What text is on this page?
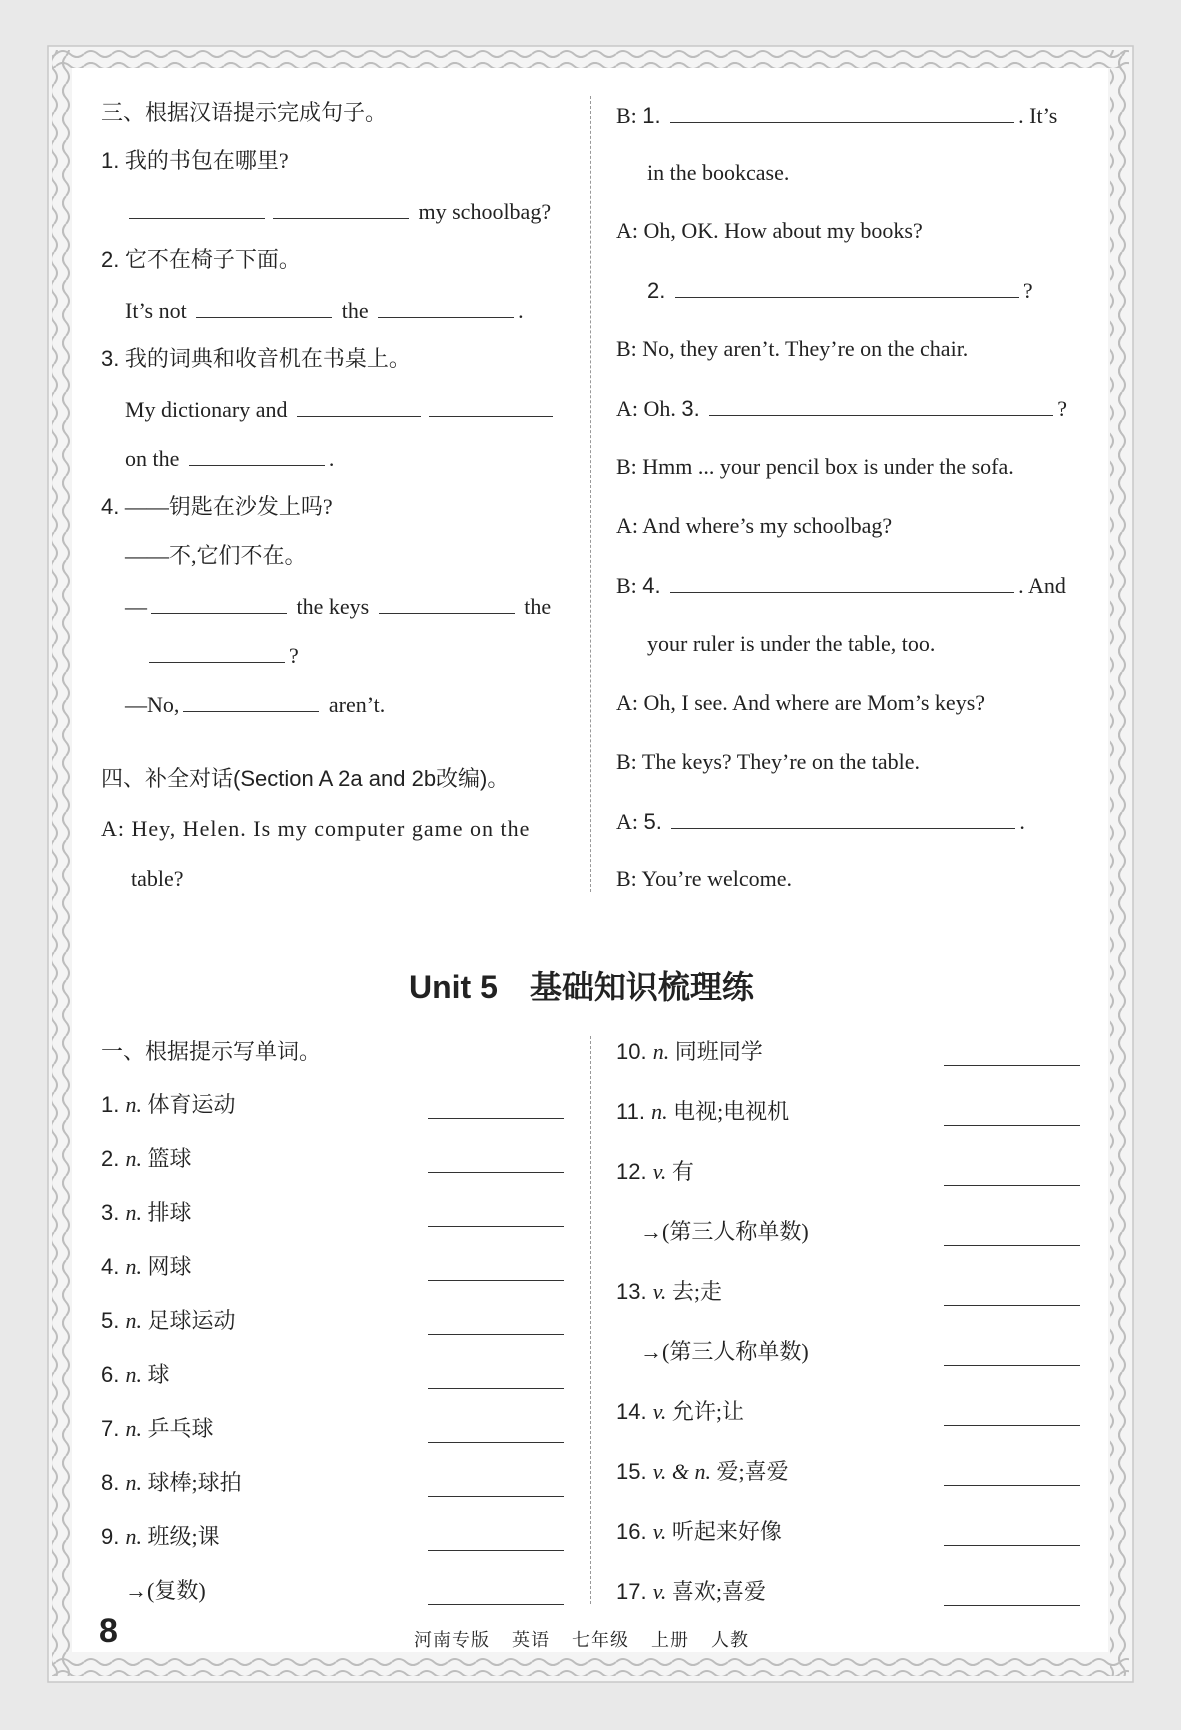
三、根据汉语提示完成句子。
1. 我的书包在哪里?
my schoolbag?
2. 它不在椅子下面。
It’s not	the	.
3. 我的词典和收音机在书桌上。
My dictionary and
on the	.
4. ——钥匙在沙发上吗?
——不,它们不在。
—	the keys	the
?
—No,	aren’t.
四、补全对话(Section A 2a and 2b改编)。
A: Hey, Helen. Is my computer game on the
table?
B: 1.	. It’s
in the bookcase.
A: Oh, OK. How about my books?
2.	?
B: No, they aren’t. They’re on the chair.
A: Oh. 3.	?
B: Hmm ... your pencil box is under the sofa.
A: And where’s my schoolbag?
B: 4.	. And
your ruler is under the table, too.
A: Oh, I see. And where are Mom’s keys?
B: The keys? They’re on the table.
A: 5.	.
B: You’re welcome.
Unit 5 基础知识梳理练
一、根据提示写单词。
8	河南专版 英语 七年级 上册 人教
1. n. 体育运动
2. n. 篮球
3. n. 排球
4. n. 网球
5. n. 足球运动
6. n. 球
7. n. 乒乓球
8. n. 球棒;球拍
9. n. 班级;课
→(复数)
10. n. 同班同学
11. n. 电视;电视机
12. v. 有
→(第三人称单数)
13. v. 去;走
→(第三人称单数)
14. v. 允许;让
15. v. & n. 爱;喜爱
16. v. 听起来好像
17. v. 喜欢;喜爱
